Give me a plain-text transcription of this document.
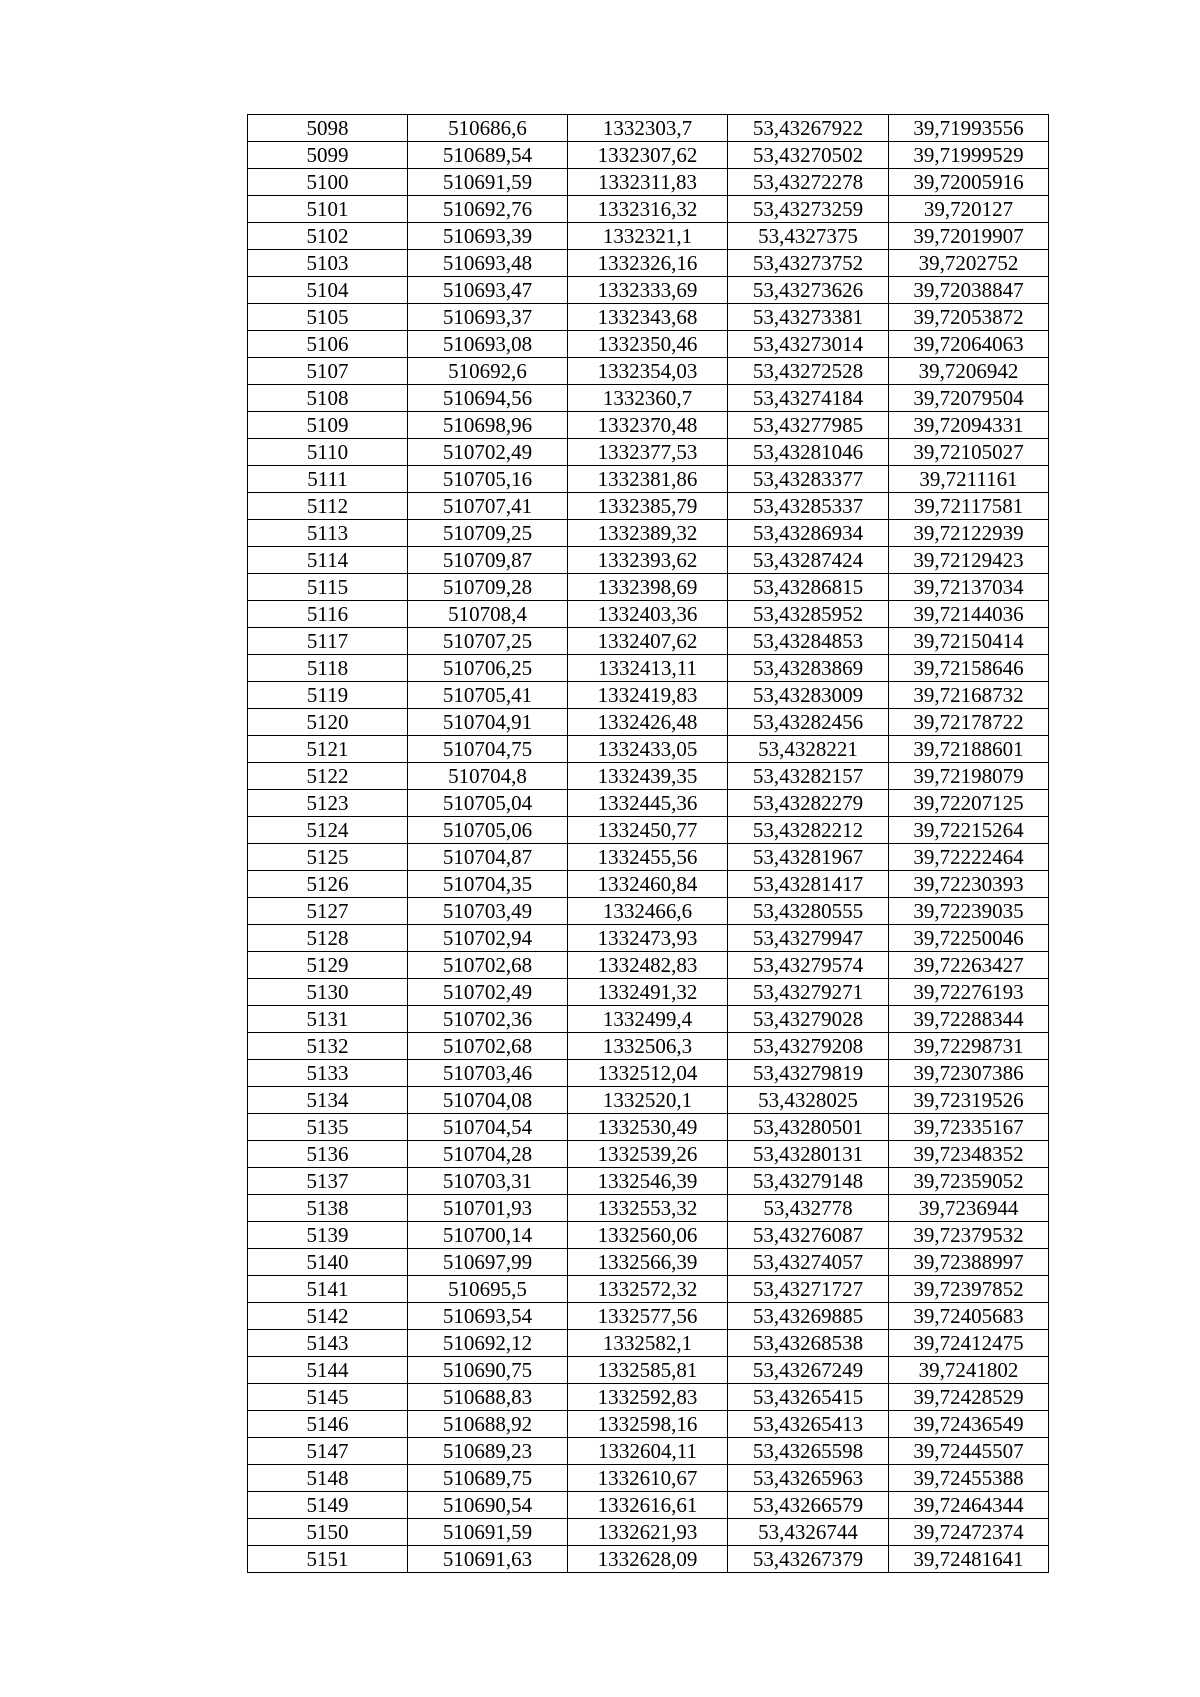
5098	510686,6	1332303,7	53,43267922	39,71993556
5099	510689,54	1332307,62	53,43270502	39,71999529
5100	510691,59	1332311,83	53,43272278	39,72005916
5101	510692,76	1332316,32	53,43273259	39,720127
5102	510693,39	1332321,1	53,4327375	39,72019907
5103	510693,48	1332326,16	53,43273752	39,7202752
5104	510693,47	1332333,69	53,43273626	39,72038847
5105	510693,37	1332343,68	53,43273381	39,72053872
5106	510693,08	1332350,46	53,43273014	39,72064063
5107	510692,6	1332354,03	53,43272528	39,7206942
5108	510694,56	1332360,7	53,43274184	39,72079504
5109	510698,96	1332370,48	53,43277985	39,72094331
5110	510702,49	1332377,53	53,43281046	39,72105027
5111	510705,16	1332381,86	53,43283377	39,7211161
5112	510707,41	1332385,79	53,43285337	39,72117581
5113	510709,25	1332389,32	53,43286934	39,72122939
5114	510709,87	1332393,62	53,43287424	39,72129423
5115	510709,28	1332398,69	53,43286815	39,72137034
5116	510708,4	1332403,36	53,43285952	39,72144036
5117	510707,25	1332407,62	53,43284853	39,72150414
5118	510706,25	1332413,11	53,43283869	39,72158646
5119	510705,41	1332419,83	53,43283009	39,72168732
5120	510704,91	1332426,48	53,43282456	39,72178722
5121	510704,75	1332433,05	53,4328221	39,72188601
5122	510704,8	1332439,35	53,43282157	39,72198079
5123	510705,04	1332445,36	53,43282279	39,72207125
5124	510705,06	1332450,77	53,43282212	39,72215264
5125	510704,87	1332455,56	53,43281967	39,72222464
5126	510704,35	1332460,84	53,43281417	39,72230393
5127	510703,49	1332466,6	53,43280555	39,72239035
5128	510702,94	1332473,93	53,43279947	39,72250046
5129	510702,68	1332482,83	53,43279574	39,72263427
5130	510702,49	1332491,32	53,43279271	39,72276193
5131	510702,36	1332499,4	53,43279028	39,72288344
5132	510702,68	1332506,3	53,43279208	39,72298731
5133	510703,46	1332512,04	53,43279819	39,72307386
5134	510704,08	1332520,1	53,4328025	39,72319526
5135	510704,54	1332530,49	53,43280501	39,72335167
5136	510704,28	1332539,26	53,43280131	39,72348352
5137	510703,31	1332546,39	53,43279148	39,72359052
5138	510701,93	1332553,32	53,432778	39,7236944
5139	510700,14	1332560,06	53,43276087	39,72379532
5140	510697,99	1332566,39	53,43274057	39,72388997
5141	510695,5	1332572,32	53,43271727	39,72397852
5142	510693,54	1332577,56	53,43269885	39,72405683
5143	510692,12	1332582,1	53,43268538	39,72412475
5144	510690,75	1332585,81	53,43267249	39,7241802
5145	510688,83	1332592,83	53,43265415	39,72428529
5146	510688,92	1332598,16	53,43265413	39,72436549
5147	510689,23	1332604,11	53,43265598	39,72445507
5148	510689,75	1332610,67	53,43265963	39,72455388
5149	510690,54	1332616,61	53,43266579	39,72464344
5150	510691,59	1332621,93	53,4326744	39,72472374
5151	510691,63	1332628,09	53,43267379	39,72481641
